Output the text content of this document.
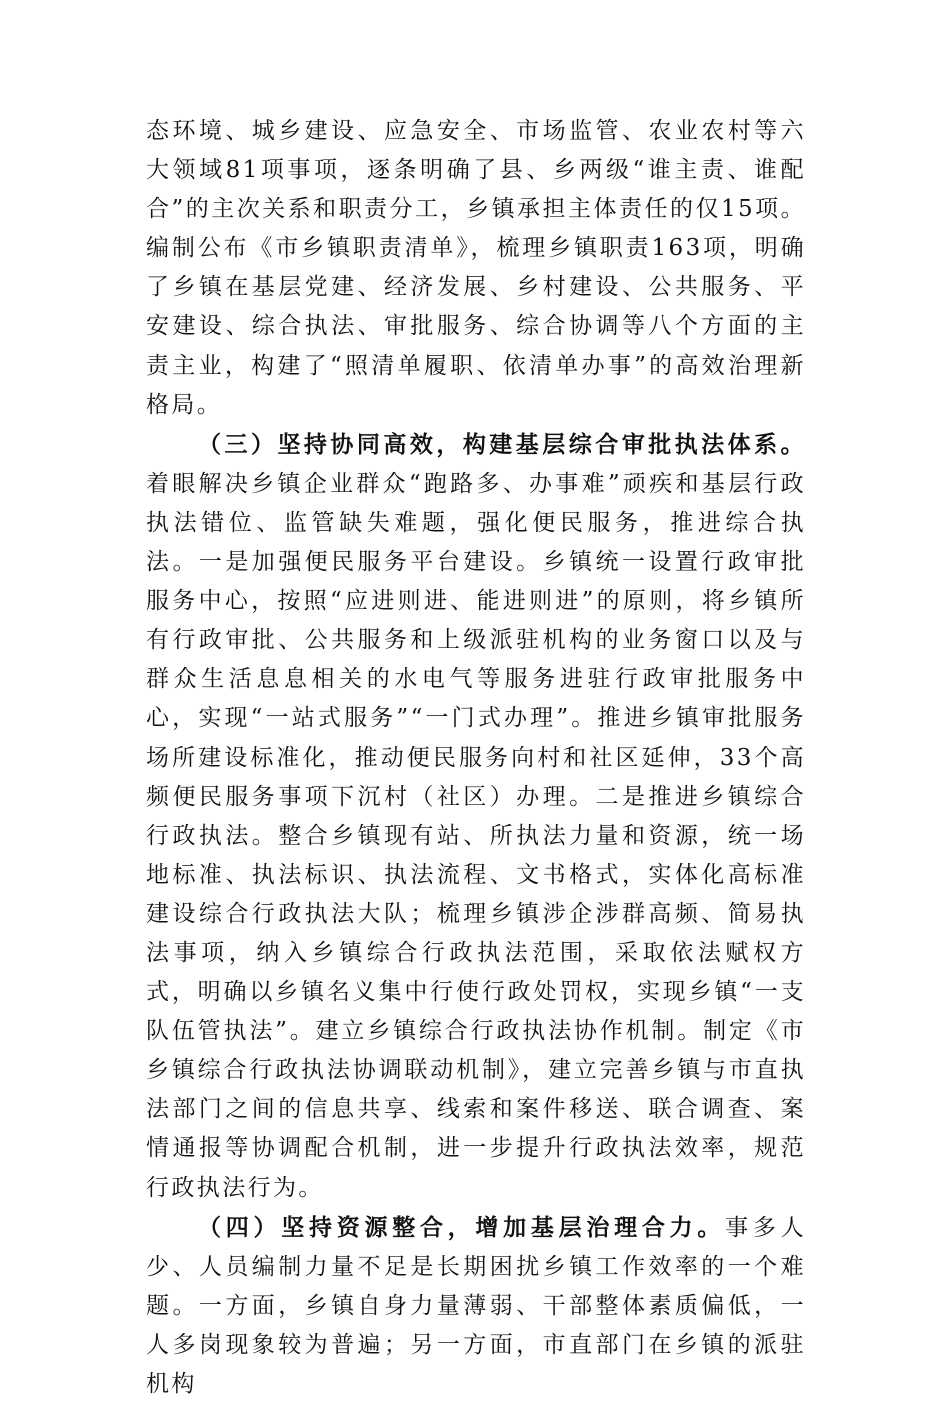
态环境、城乡建设、应急安全、市场监管、农业农村等六大领域81项事项，逐条明确了县、乡两级“谁主责、谁配合”的主次关系和职责分工，乡镇承担主体责任的仅15项。编制公布《市乡镇职责清单》，梳理乡镇职责163项，明确了乡镇在基层党建、经济发展、乡村建设、公共服务、平安建设、综合执法、审批服务、综合协调等八个方面的主责主业，构建了“照清单履职、依清单办事”的高效治理新格局。

（三）坚持协同高效，构建基层综合审批执法体系。着眼解决乡镇企业群众“跑路多、办事难”顽疾和基层行政执法错位、监管缺失难题，强化便民服务，推进综合执法。一是加强便民服务平台建设。乡镇统一设置行政审批服务中心，按照“应进则进、能进则进”的原则，将乡镇所有行政审批、公共服务和上级派驻机构的业务窗口以及与群众生活息息相关的水电气等服务进驻行政审批服务中心，实现“一站式服务”“一门式办理”。推进乡镇审批服务场所建设标准化，推动便民服务向村和社区延伸，33个高频便民服务事项下沉村（社区）办理。二是推进乡镇综合行政执法。整合乡镇现有站、所执法力量和资源，统一场地标准、执法标识、执法流程、文书格式，实体化高标准建设综合行政执法大队；梳理乡镇涉企涉群高频、简易执法事项，纳入乡镇综合行政执法范围，采取依法赋权方式，明确以乡镇名义集中行使行政处罚权，实现乡镇“一支队伍管执法”。建立乡镇综合行政执法协作机制。制定《市乡镇综合行政执法协调联动机制》，建立完善乡镇与市直执法部门之间的信息共享、线索和案件移送、联合调查、案情通报等协调配合机制，进一步提升行政执法效率，规范行政执法行为。

（四）坚持资源整合，增加基层治理合力。事多人少、人员编制力量不足是长期困扰乡镇工作效率的一个难题。一方面，乡镇自身力量薄弱、干部整体素质偏低，一人多岗现象较为普遍；另一方面，市直部门在乡镇的派驻机构
